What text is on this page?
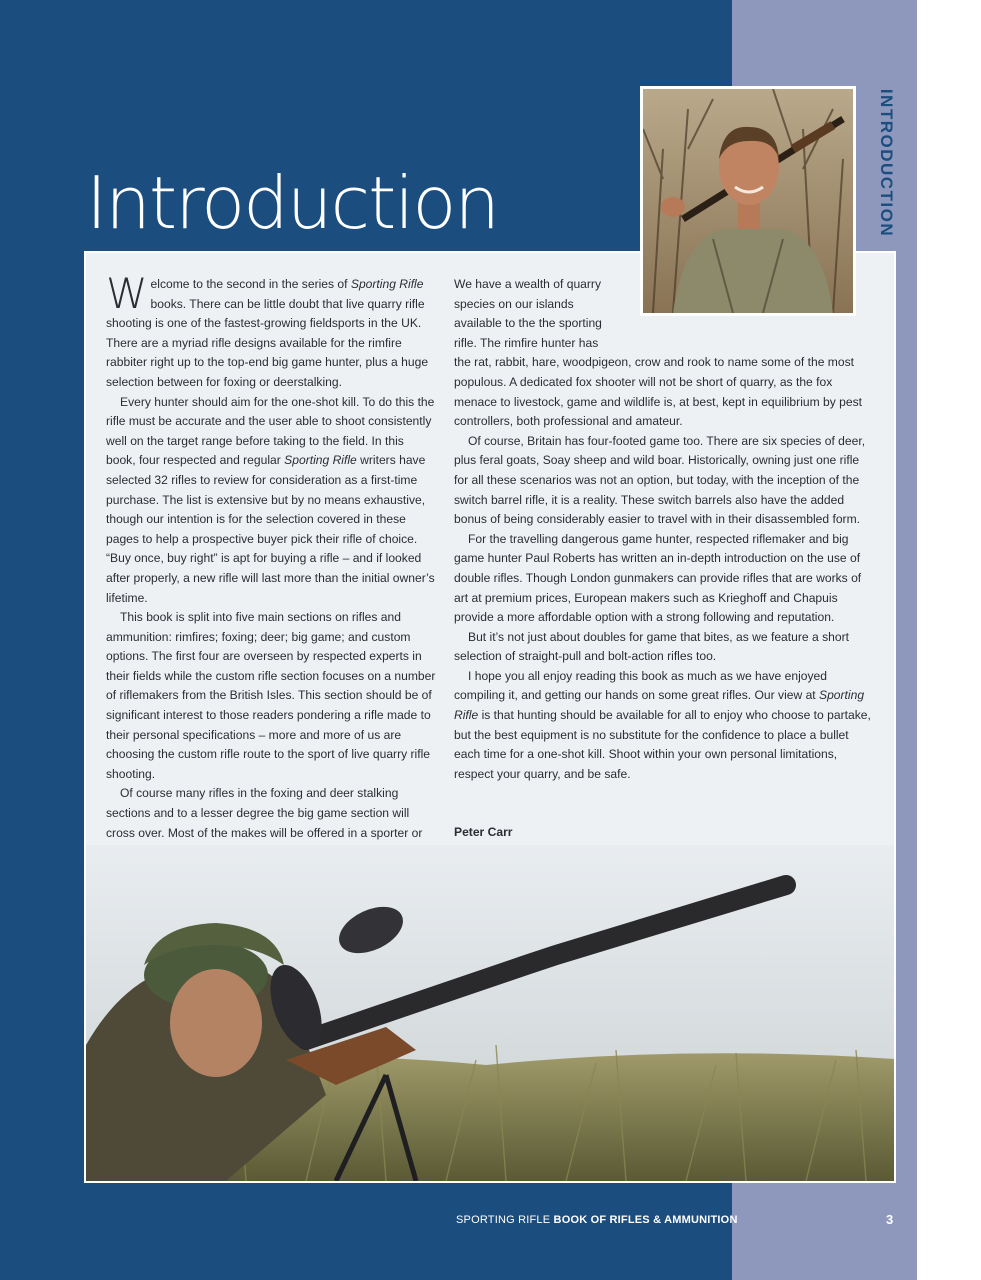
INTRODUCTION
Introduction

Welcome to the second in the series of Sporting Rifle books. There can be little doubt that live quarry rifle shooting is one of the fastest-growing fieldsports in the UK. There are a myriad rifle designs available for the rimfire rabbiter right up to the top-end big game hunter, plus a huge selection between for foxing or deerstalking.

Every hunter should aim for the one-shot kill. To do this the rifle must be accurate and the user able to shoot consistently well on the target range before taking to the field. In this book, four respected and regular Sporting Rifle writers have selected 32 rifles to review for consideration as a first-time purchase. The list is extensive but by no means exhaustive, though our intention is for the selection covered in these pages to help a prospective buyer pick their rifle of choice. “Buy once, buy right” is apt for buying a rifle – and if looked after properly, a new rifle will last more than the initial owner’s lifetime.

This book is split into five main sections on rifles and ammunition: rimfires; foxing; deer; big game; and custom options. The first four are overseen by respected experts in their fields while the custom rifle section focuses on a number of riflemakers from the British Isles. This section should be of significant interest to those readers pondering a rifle made to their personal specifications – more and more of us are choosing the custom rifle route to the sport of live quarry rifle shooting.

Of course many rifles in the foxing and deer stalking sections and to a lesser degree the big game section will cross over. Most of the makes will be offered in a sporter or

We have a wealth of quarry species on our islands available to the the sporting rifle. The rimfire hunter has the rat, rabbit, hare, woodpigeon, crow and rook to name some of the most populous. A dedicated fox shooter will not be short of quarry, as the fox menace to livestock, game and wildlife is, at best, kept in equilibrium by pest controllers, both professional and amateur.

Of course, Britain has four-footed game too. There are six species of deer, plus feral goats, Soay sheep and wild boar. Historically, owning just one rifle for all these scenarios was not an option, but today, with the inception of the switch barrel rifle, it is a reality. These switch barrels also have the added bonus of being considerably easier to travel with in their disassembled form.

For the travelling dangerous game hunter, respected riflemaker and big game hunter Paul Roberts has written an in-depth introduction on the use of double rifles. Though London gunmakers can provide rifles that are works of art at premium prices, European makers such as Krieghoff and Chapuis provide a more affordable option with a strong following and reputation.

But it’s not just about doubles for game that bites, as we feature a short selection of straight-pull and bolt-action rifles too.

I hope you all enjoy reading this book as much as we have enjoyed compiling it, and getting our hands on some great rifles. Our view at Sporting Rifle is that hunting should be available for all to enjoy who choose to partake, but the best equipment is no substitute for the confidence to place a bullet each time for a one-shot kill. Shoot within your own personal limitations, respect your quarry, and be safe.

Peter Carr

SPORTING RIFLE BOOK OF RIFLES & AMMUNITION	3
